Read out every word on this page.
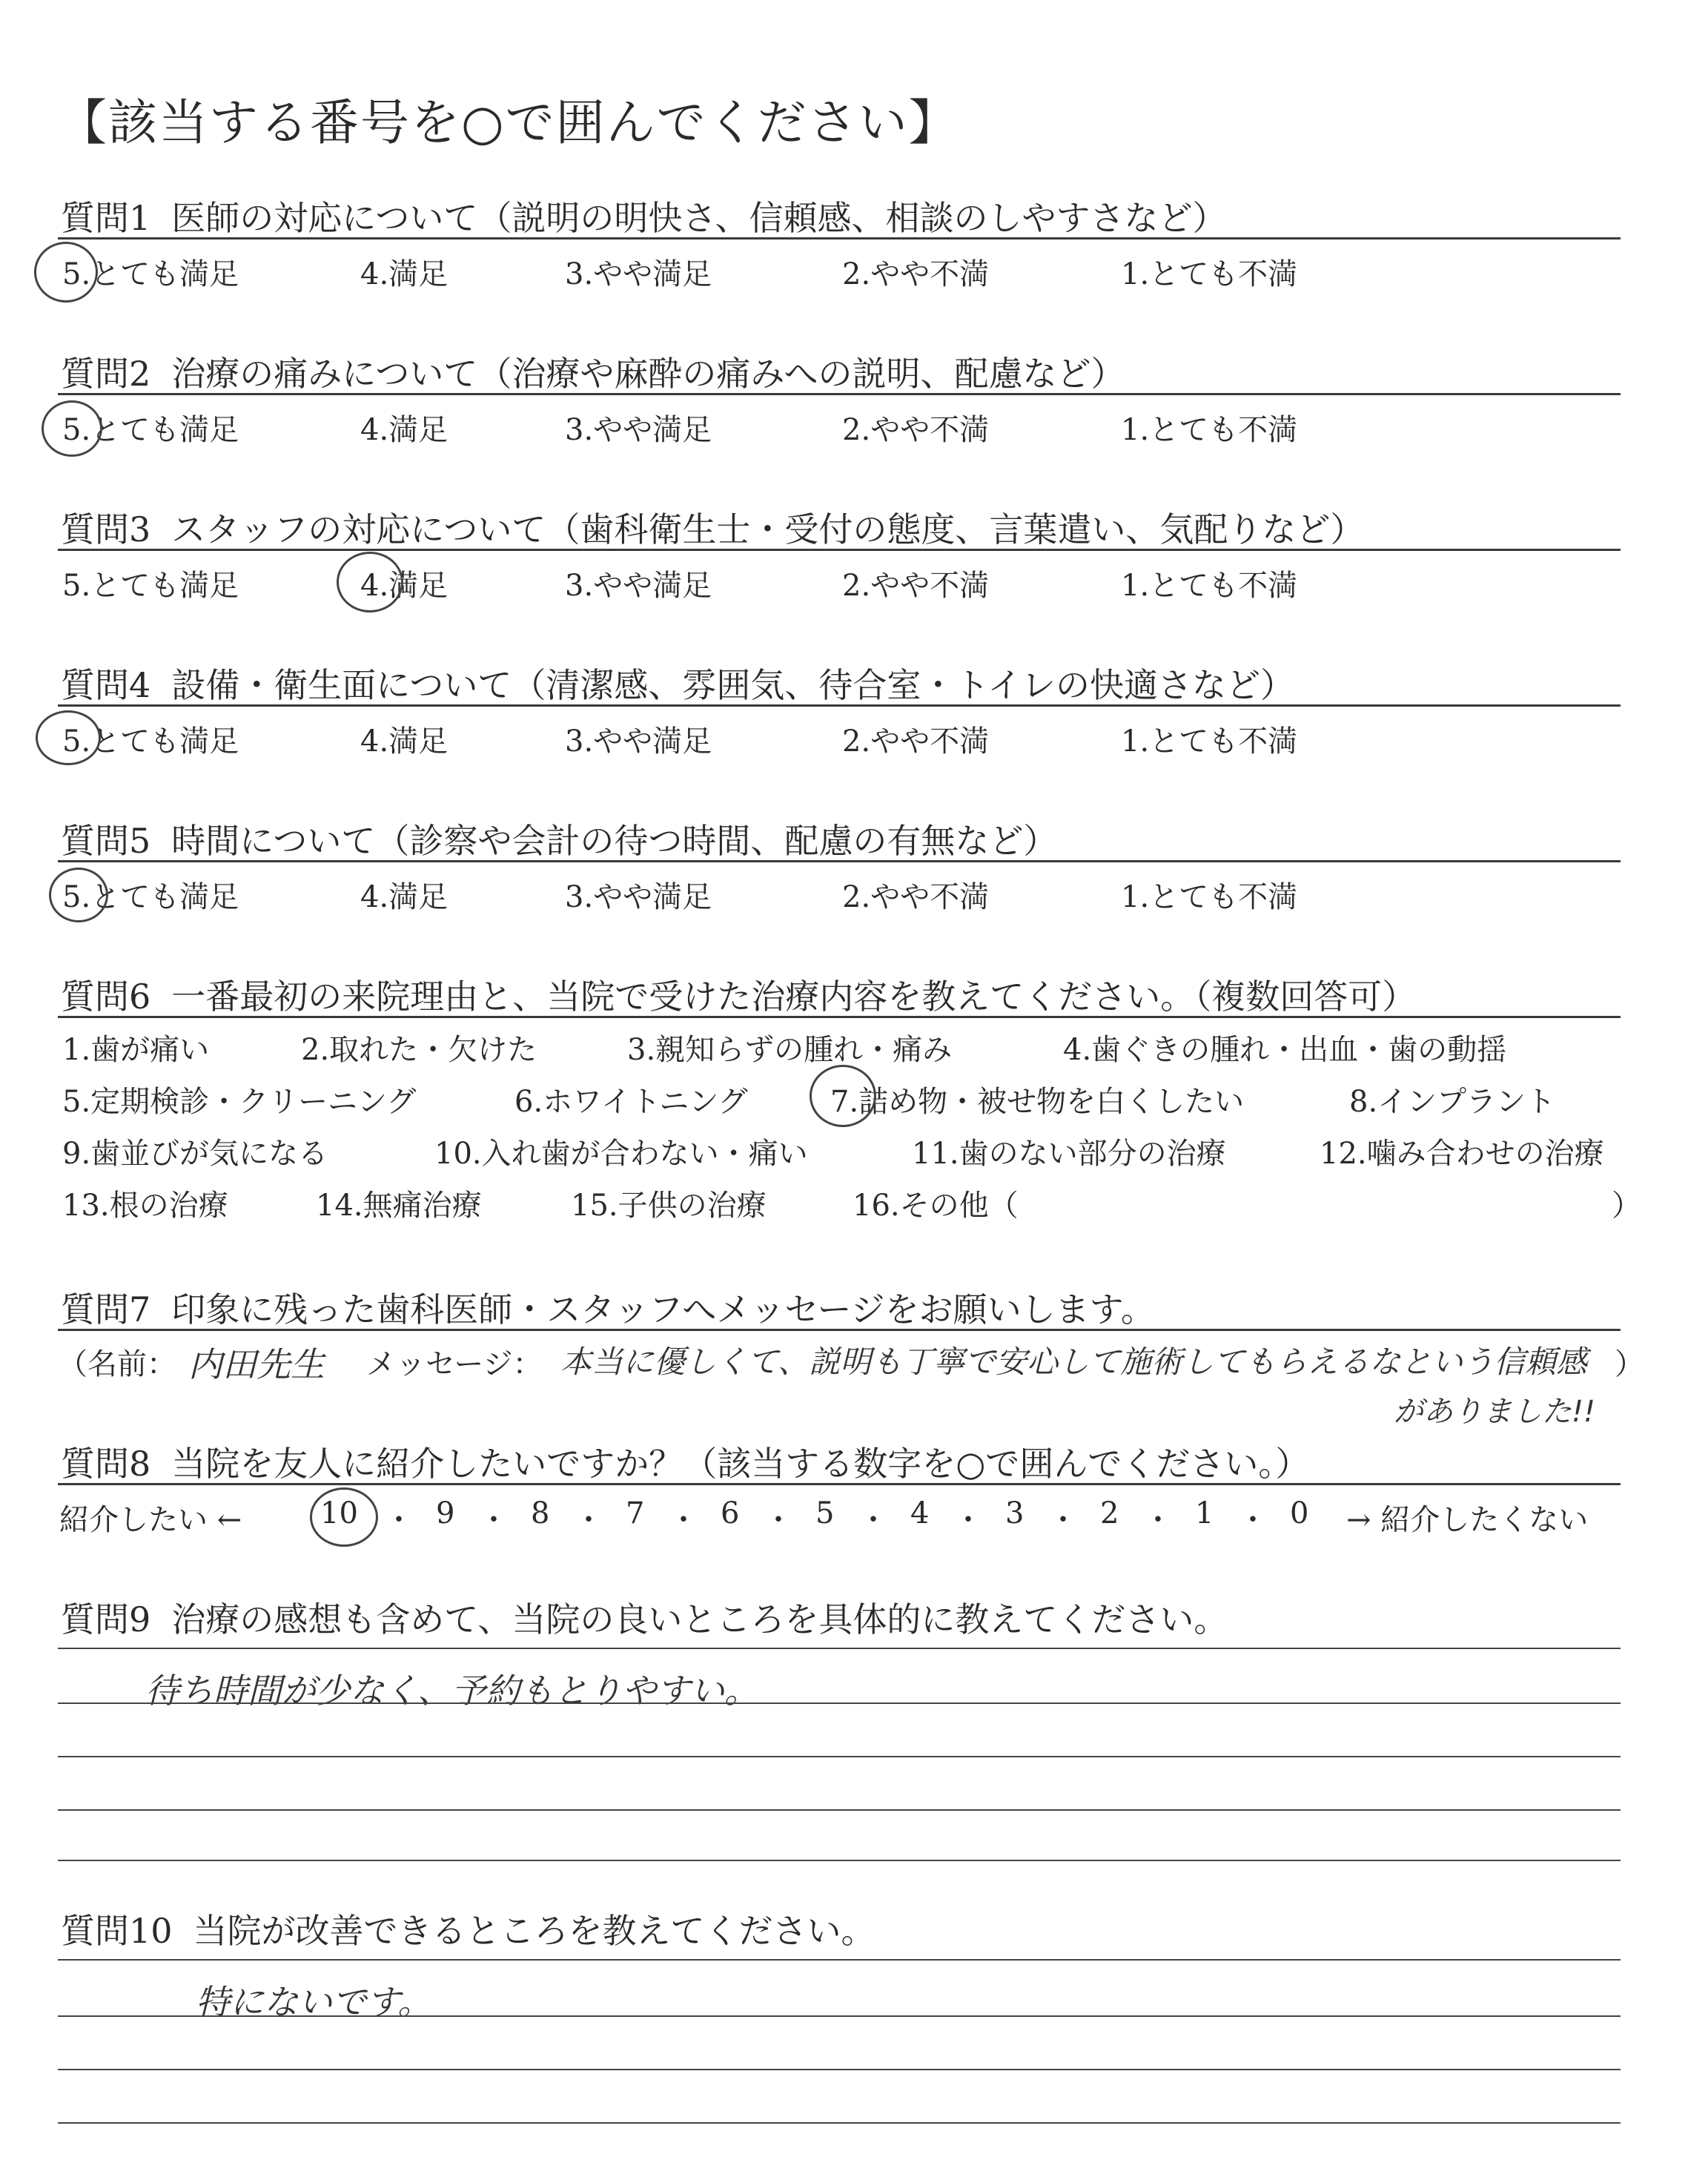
【該当する番号を○で囲んでください】
質問1 医師の対応について（説明の明快さ、信頼感、相談のしやすさなど）
5.とても満足	4.満足	3.やや満足	2.やや不満	1.とても不満
質問2 治療の痛みについて（治療や麻酔の痛みへの説明、配慮など）
5.とても満足	4.満足	3.やや満足	2.やや不満	1.とても不満
質問3 スタッフの対応について（歯科衛生士・受付の態度、言葉遣い、気配りなど）
5.とても満足	4.満足	3.やや満足	2.やや不満	1.とても不満
質問4 設備・衛生面について（清潔感、雰囲気、待合室・トイレの快適さなど）
5.とても満足	4.満足	3.やや満足	2.やや不満	1.とても不満
質問5 時間について（診察や会計の待つ時間、配慮の有無など）
5.とても満足	4.満足	3.やや満足	2.やや不満	1.とても不満
質問6 一番最初の来院理由と、当院で受けた治療内容を教えてください。（複数回答可）
1.歯が痛い	2.取れた・欠けた	3.親知らずの腫れ・痛み	4.歯ぐきの腫れ・出血・歯の動揺
5.定期検診・クリーニング	6.ホワイトニング	7.詰め物・被せ物を白くしたい	8.インプラント
9.歯並びが気になる	10.入れ歯が合わない・痛い	11.歯のない部分の治療	12.噛み合わせの治療
13.根の治療	14.無痛治療	15.子供の治療	16.その他（	）
質問7 印象に残った歯科医師・スタッフへメッセージをお願いします。
（名前： 内田先生 メッセージ： 本当に優しくて、説明も丁寧で安心して施術してもらえるなという信頼感 ）
がありました!!
質問8 当院を友人に紹介したいですか？（該当する数字を○で囲んでください。）
紹介したい ←	10 ・ 9 ・ 8 ・ 7 ・ 6 ・ 5 ・ 4 ・ 3 ・ 2 ・ 1 ・ 0 → 紹介したくない
質問9 治療の感想も含めて、当院の良いところを具体的に教えてください。
待ち時間が少なく、予約もとりやすい。
質問10 当院が改善できるところを教えてください。
特にないです。
